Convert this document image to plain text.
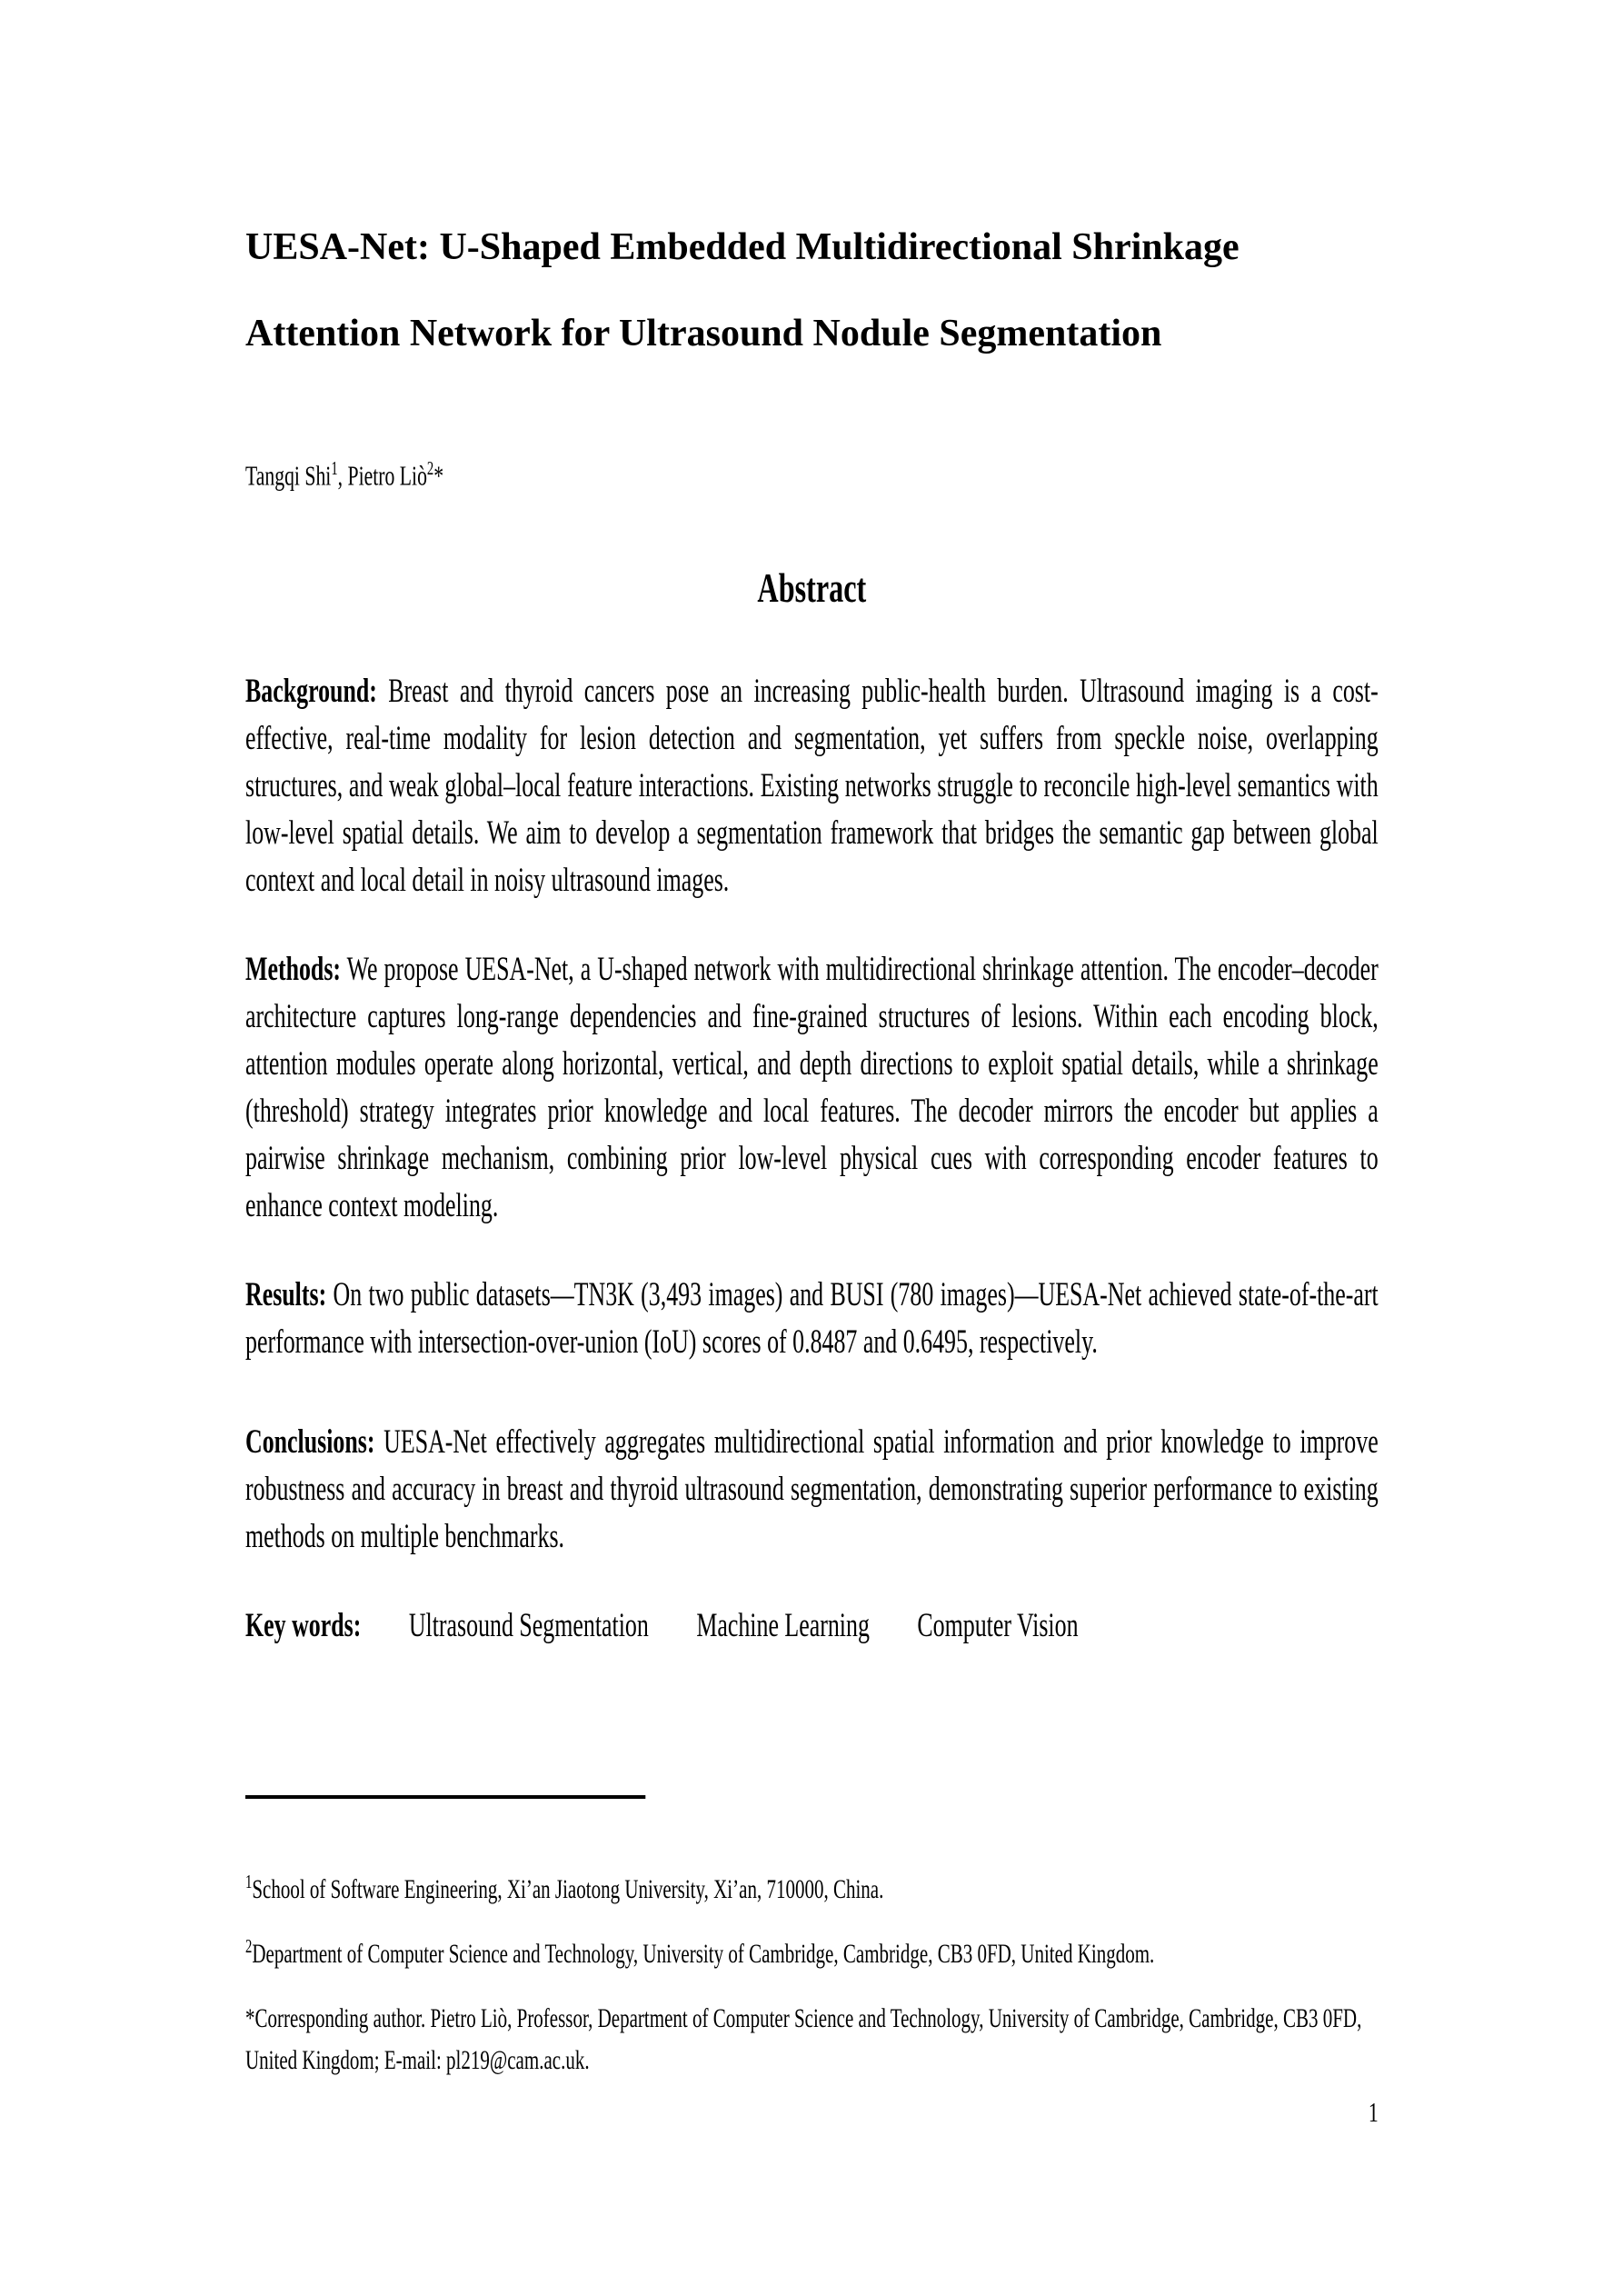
UESA-Net: U-Shaped Embedded Multidirectional Shrinkage
Attention Network for Ultrasound Nodule Segmentation
Tangqi Shi$^1$, Pietro Liò$^2$*
Abstract

Background: Breast and thyroid cancers pose an increasing public-health burden. Ultrasound imaging is a cost-effective, real-time modality for lesion detection and segmentation, yet suffers from speckle noise, overlapping structures, and weak global–local feature interactions. Existing networks struggle to reconcile high-level semantics with low-level spatial details. We aim to develop a segmentation framework that bridges the semantic gap between global context and local detail in noisy ultrasound images.

Methods: We propose UESA-Net, a U-shaped network with multidirectional shrinkage attention. The encoder–decoder architecture captures long-range dependencies and fine-grained structures of lesions. Within each encoding block, attention modules operate along horizontal, vertical, and depth directions to exploit spatial details, while a shrinkage (threshold) strategy integrates prior knowledge and local features. The decoder mirrors the encoder but applies a pairwise shrinkage mechanism, combining prior low-level physical cues with corresponding encoder features to enhance context modeling.

Results: On two public datasets—TN3K (3,493 images) and BUSI (780 images)—UESA-Net achieved state-of-the-art performance with intersection-over-union (IoU) scores of 0.8487 and 0.6495, respectively.

Conclusions: UESA-Net effectively aggregates multidirectional spatial information and prior knowledge to improve robustness and accuracy in breast and thyroid ultrasound segmentation, demonstrating superior performance to existing methods on multiple benchmarks.

Key words: Ultrasound Segmentation Machine Learning Computer Vision

$^1$School of Software Engineering, Xi’an Jiaotong University, Xi’an, 710000, China.

$^2$Department of Computer Science and Technology, University of Cambridge, Cambridge, CB3 0FD, United Kingdom.

*Corresponding author. Pietro Liò, Professor, Department of Computer Science and Technology, University of Cambridge, Cambridge, CB3 0FD, United Kingdom; E-mail: pl219@cam.ac.uk.

1
